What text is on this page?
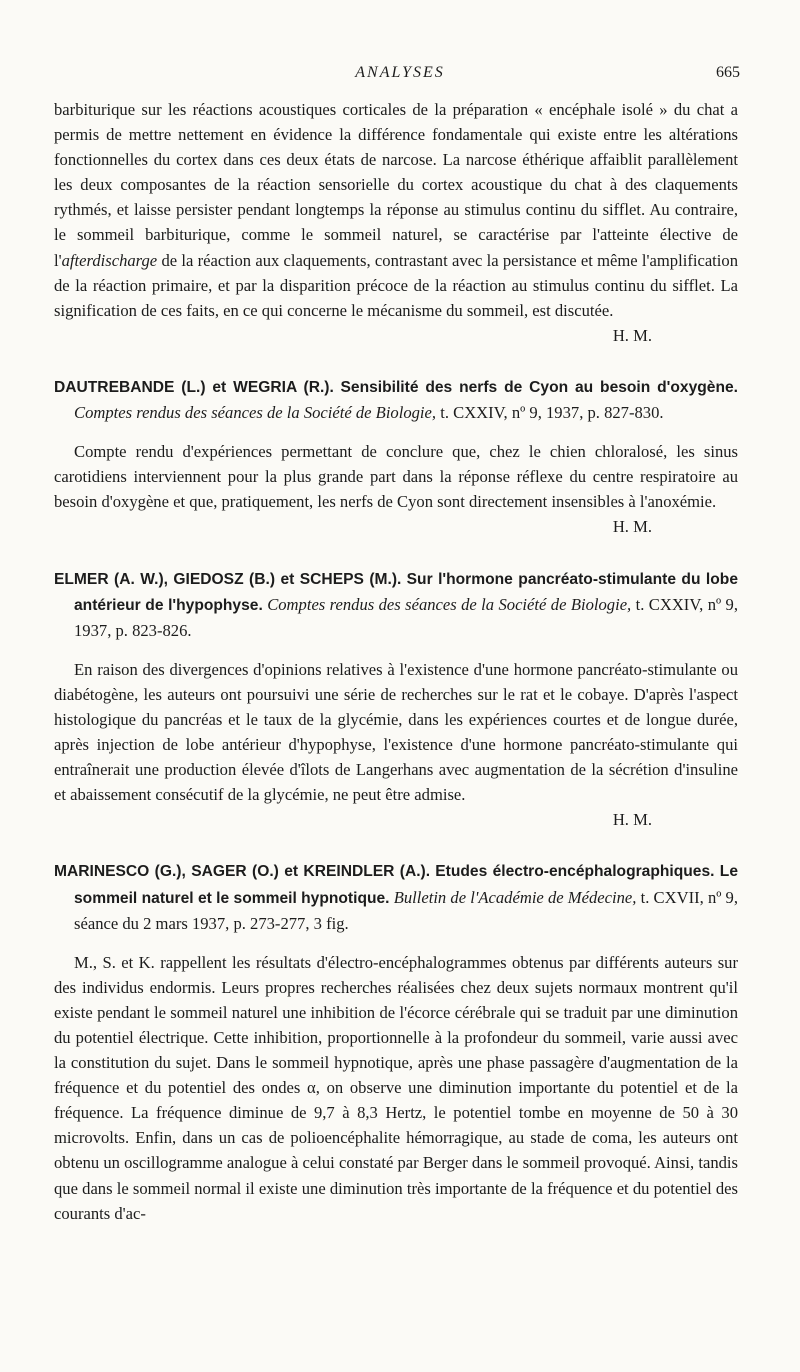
ANALYSES	665

barbiturique sur les réactions acoustiques corticales de la préparation « encéphale isolé » du chat a permis de mettre nettement en évidence la différence fondamentale qui existe entre les altérations fonctionnelles du cortex dans ces deux états de narcose. La narcose éthérique affaiblit parallèlement les deux composantes de la réaction sensorielle du cortex acoustique du chat à des claquements rythmés, et laisse persister pendant longtemps la réponse au stimulus continu du sifflet. Au contraire, le sommeil barbiturique, comme le sommeil naturel, se caractérise par l'atteinte élective de l'afterdischarge de la réaction aux claquements, contrastant avec la persistance et même l'amplification de la réaction primaire, et par la disparition précoce de la réaction au stimulus continu du sifflet. La signification de ces faits, en ce qui concerne le mécanisme du sommeil, est discutée.
H. M.

DAUTREBANDE (L.) et WEGRIA (R.). Sensibilité des nerfs de Cyon au besoin d'oxygène. Comptes rendus des séances de la Société de Biologie, t. CXXIV, nº 9, 1937, p. 827-830.

Compte rendu d'expériences permettant de conclure que, chez le chien chloralosé, les sinus carotidiens interviennent pour la plus grande part dans la réponse réflexe du centre respiratoire au besoin d'oxygène et que, pratiquement, les nerfs de Cyon sont directement insensibles à l'anoxémie.
H. M.

ELMER (A. W.), GIEDOSZ (B.) et SCHEPS (M.). Sur l'hormone pancréato-stimulante du lobe antérieur de l'hypophyse. Comptes rendus des séances de la Société de Biologie, t. CXXIV, nº 9, 1937, p. 823-826.

En raison des divergences d'opinions relatives à l'existence d'une hormone pancréato-stimulante ou diabétogène, les auteurs ont poursuivi une série de recherches sur le rat et le cobaye. D'après l'aspect histologique du pancréas et le taux de la glycémie, dans les expériences courtes et de longue durée, après injection de lobe antérieur d'hypophyse, l'existence d'une hormone pancréato-stimulante qui entraînerait une production élevée d'îlots de Langerhans avec augmentation de la sécrétion d'insuline et abaissement consécutif de la glycémie, ne peut être admise.
H. M.

MARINESCO (G.), SAGER (O.) et KREINDLER (A.). Etudes électro-encéphalographiques. Le sommeil naturel et le sommeil hypnotique. Bulletin de l'Académie de Médecine, t. CXVII, nº 9, séance du 2 mars 1937, p. 273-277, 3 fig.

M., S. et K. rappellent les résultats d'électro-encéphalogrammes obtenus par différents auteurs sur des individus endormis. Leurs propres recherches réalisées chez deux sujets normaux montrent qu'il existe pendant le sommeil naturel une inhibition de l'écorce cérébrale qui se traduit par une diminution du potentiel électrique. Cette inhibition, proportionnelle à la profondeur du sommeil, varie aussi avec la constitution du sujet. Dans le sommeil hypnotique, après une phase passagère d'augmentation de la fréquence et du potentiel des ondes α, on observe une diminution importante du potentiel et de la fréquence. La fréquence diminue de 9,7 à 8,3 Hertz, le potentiel tombe en moyenne de 50 à 30 microvolts. Enfin, dans un cas de polioencéphalite hémorragique, au stade de coma, les auteurs ont obtenu un oscillogramme analogue à celui constaté par Berger dans le sommeil provoqué. Ainsi, tandis que dans le sommeil normal il existe une diminution très importante de la fréquence et du potentiel des courants d'ac-
